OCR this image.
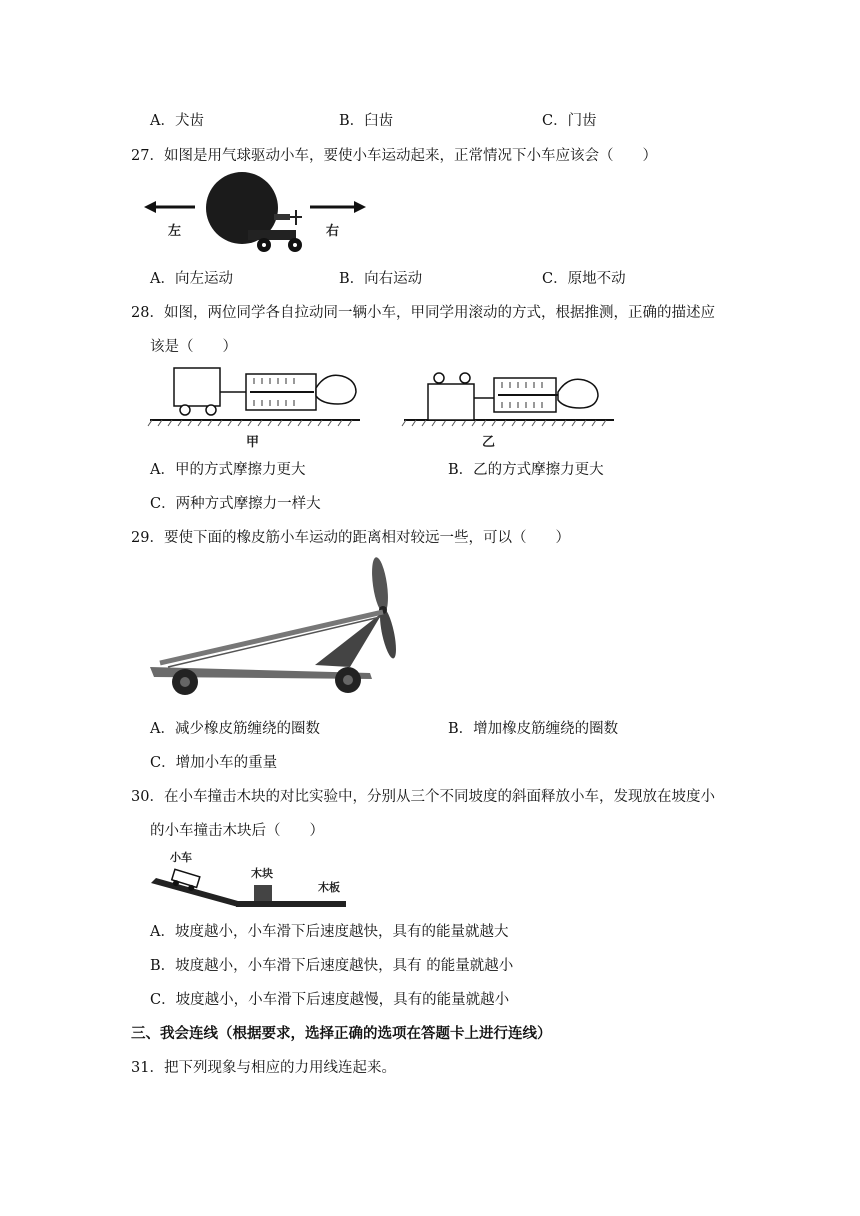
A．犬齿	B．臼齿	C．门齿
27．如图是用气球驱动小车，要使小车运动起来，正常情况下小车应该会（　　）
左	右
A．向左运动	B．向右运动	C．原地不动
28．如图，两位同学各自拉动同一辆小车，甲同学用滚动的方式，根据推测，正确的描述应
该是（　　）
甲	乙
A．甲的方式摩擦力更大	B．乙的方式摩擦力更大
C．两种方式摩擦力一样大
29．要使下面的橡皮筋小车运动的距离相对较远一些，可以（　　）
A．减少橡皮筋缠绕的圈数	B．增加橡皮筋缠绕的圈数
C．增加小车的重量
30．在小车撞击木块的对比实验中，分别从三个不同坡度的斜面释放小车，发现放在坡度小
的小车撞击木块后（　　）
小车
木块
木板
A．坡度越小，小车滑下后速度越快，具有的能量就越大
B．坡度越小，小车滑下后速度越快，具有 的能量就越小
C．坡度越小，小车滑下后速度越慢，具有的能量就越小
三、我会连线（根据要求，选择正确的选项在答题卡上进行连线）
31．把下列现象与相应的力用线连起来。
